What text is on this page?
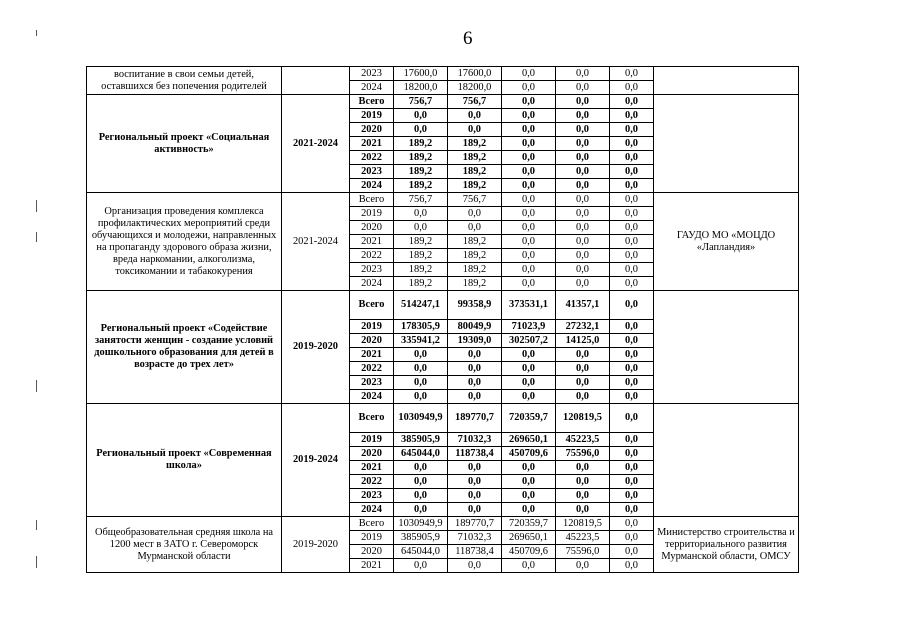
6
воспитание в свои семьи детей, оставшихся без попечения родителей		2023	17600,0	17600,0	0,0	0,0	0,0	
		2024	18200,0	18200,0	0,0	0,0	0,0	
Региональный проект «Социальная активность»	2021-2024	Всего	756,7	756,7	0,0	0,0	0,0	
		2019	0,0	0,0	0,0	0,0	0,0	
		2020	0,0	0,0	0,0	0,0	0,0	
		2021	189,2	189,2	0,0	0,0	0,0	
		2022	189,2	189,2	0,0	0,0	0,0	
		2023	189,2	189,2	0,0	0,0	0,0	
		2024	189,2	189,2	0,0	0,0	0,0	
Организация проведения комплекса профилактических мероприятий среди обучающихся и молодежи, направленных на пропаганду здорового образа жизни, вреда наркомании, алкоголизма, токсикомании и табакокурения	2021-2024	Всего	756,7	756,7	0,0	0,0	0,0	ГАУДО МО «МОЦДО «Лапландия»
		2019	0,0	0,0	0,0	0,0	0,0	
		2020	0,0	0,0	0,0	0,0	0,0	
		2021	189,2	189,2	0,0	0,0	0,0	
		2022	189,2	189,2	0,0	0,0	0,0	
		2023	189,2	189,2	0,0	0,0	0,0	
		2024	189,2	189,2	0,0	0,0	0,0	
Региональный проект «Содействие занятости женщин - создание условий дошкольного образования для детей в возрасте до трех лет»	2019-2020	Всего	514247,1	99358,9	373531,1	41357,1	0,0	
		2019	178305,9	80049,9	71023,9	27232,1	0,0	
		2020	335941,2	19309,0	302507,2	14125,0	0,0	
		2021	0,0	0,0	0,0	0,0	0,0	
		2022	0,0	0,0	0,0	0,0	0,0	
		2023	0,0	0,0	0,0	0,0	0,0	
		2024	0,0	0,0	0,0	0,0	0,0	
Региональный проект «Современная школа»	2019-2024	Всего	1030949,9	189770,7	720359,7	120819,5	0,0	
		2019	385905,9	71032,3	269650,1	45223,5	0,0	
		2020	645044,0	118738,4	450709,6	75596,0	0,0	
		2021	0,0	0,0	0,0	0,0	0,0	
		2022	0,0	0,0	0,0	0,0	0,0	
		2023	0,0	0,0	0,0	0,0	0,0	
		2024	0,0	0,0	0,0	0,0	0,0	
Общеобразовательная средняя школа на 1200 мест в ЗАТО г. Североморск Мурманской области	2019-2020	Всего	1030949,9	189770,7	720359,7	120819,5	0,0	Министерство строительства и территориального развития Мурманской области, ОМСУ
		2019	385905,9	71032,3	269650,1	45223,5	0,0	
		2020	645044,0	118738,4	450709,6	75596,0	0,0	
		2021	0,0	0,0	0,0	0,0	0,0	
